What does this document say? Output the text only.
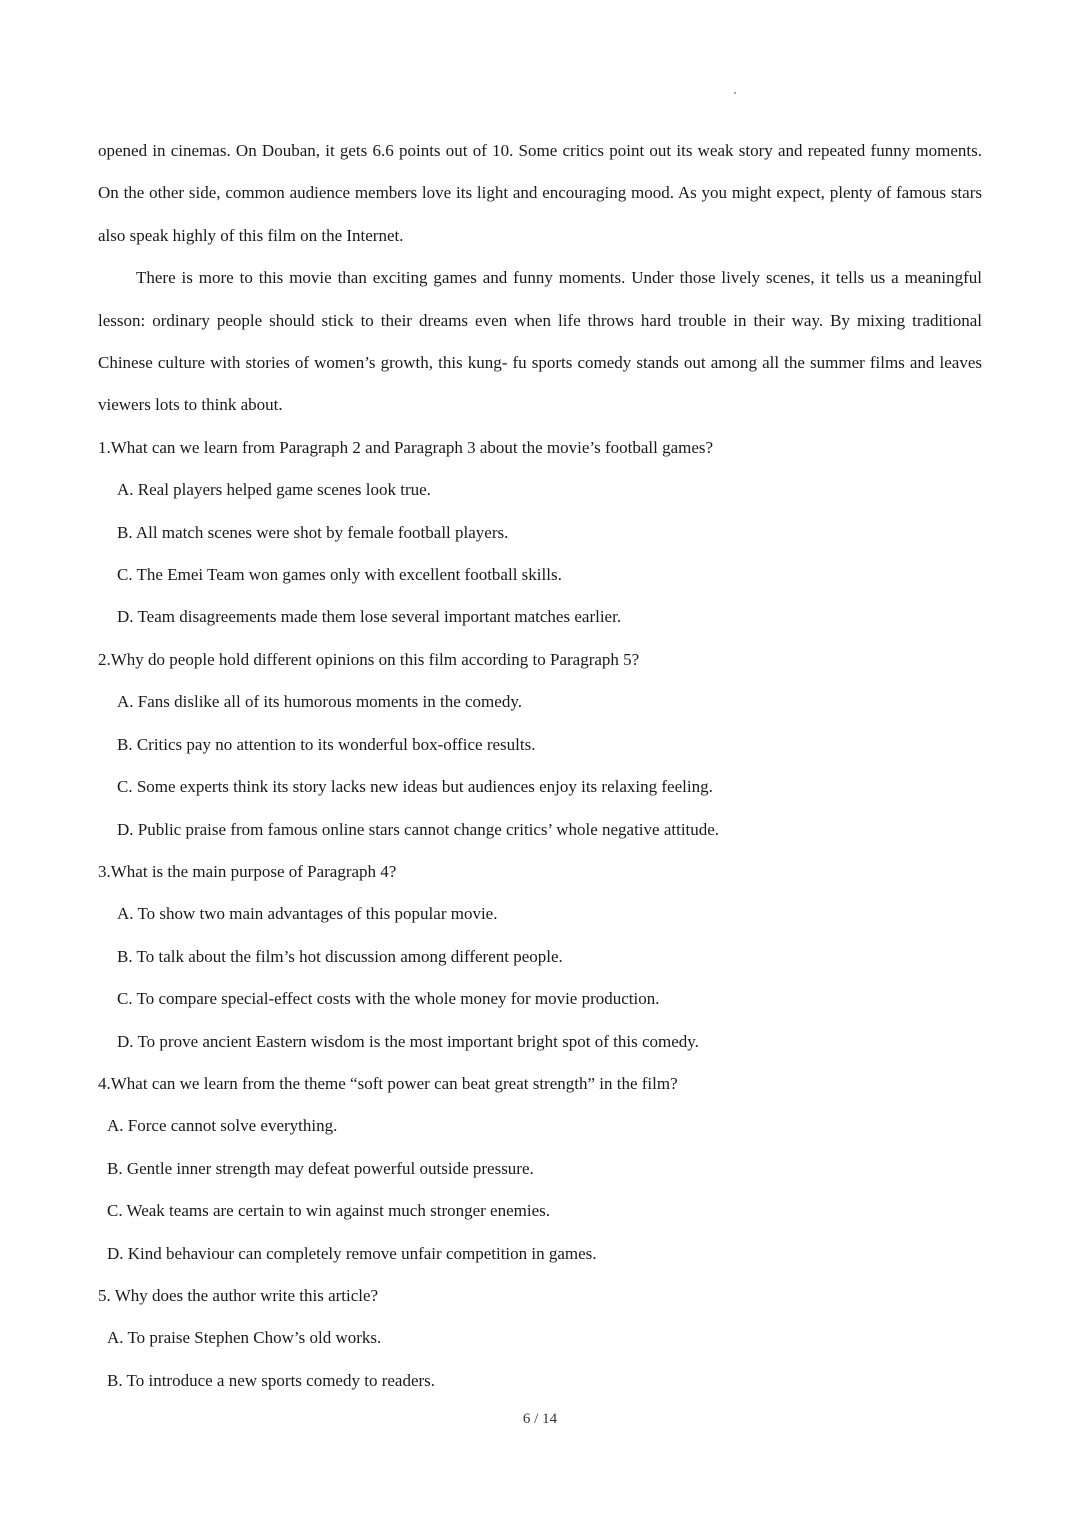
opened in cinemas. On Douban, it gets 6.6 points out of 10. Some critics point out its weak story and repeated funny moments. On the other side, common audience members love its light and encouraging mood. As you might expect, plenty of famous stars also speak highly of this film on the Internet.

There is more to this movie than exciting games and funny moments. Under those lively scenes, it tells us a meaningful lesson: ordinary people should stick to their dreams even when life throws hard trouble in their way. By mixing traditional Chinese culture with stories of women’s growth, this kung- fu sports comedy stands out among all the summer films and leaves viewers lots to think about.

1.What can we learn from Paragraph 2 and Paragraph 3 about the movie’s football games?

A. Real players helped game scenes look true.

B. All match scenes were shot by female football players.

C. The Emei Team won games only with excellent football skills.

D. Team disagreements made them lose several important matches earlier.

2.Why do people hold different opinions on this film according to Paragraph 5?

A. Fans dislike all of its humorous moments in the comedy.

B. Critics pay no attention to its wonderful box-office results.

C. Some experts think its story lacks new ideas but audiences enjoy its relaxing feeling.

D. Public praise from famous online stars cannot change critics’ whole negative attitude.

3.What is the main purpose of Paragraph 4?

A. To show two main advantages of this popular movie.

B. To talk about the film’s hot discussion among different people.

C. To compare special-effect costs with the whole money for movie production.

D. To prove ancient Eastern wisdom is the most important bright spot of this comedy.

4.What can we learn from the theme “soft power can beat great strength” in the film?

A. Force cannot solve everything.

B. Gentle inner strength may defeat powerful outside pressure.

C. Weak teams are certain to win against much stronger enemies.

D. Kind behaviour can completely remove unfair competition in games.

5. Why does the author write this article?

A. To praise Stephen Chow’s old works.

B. To introduce a new sports comedy to readers.

6 / 14
